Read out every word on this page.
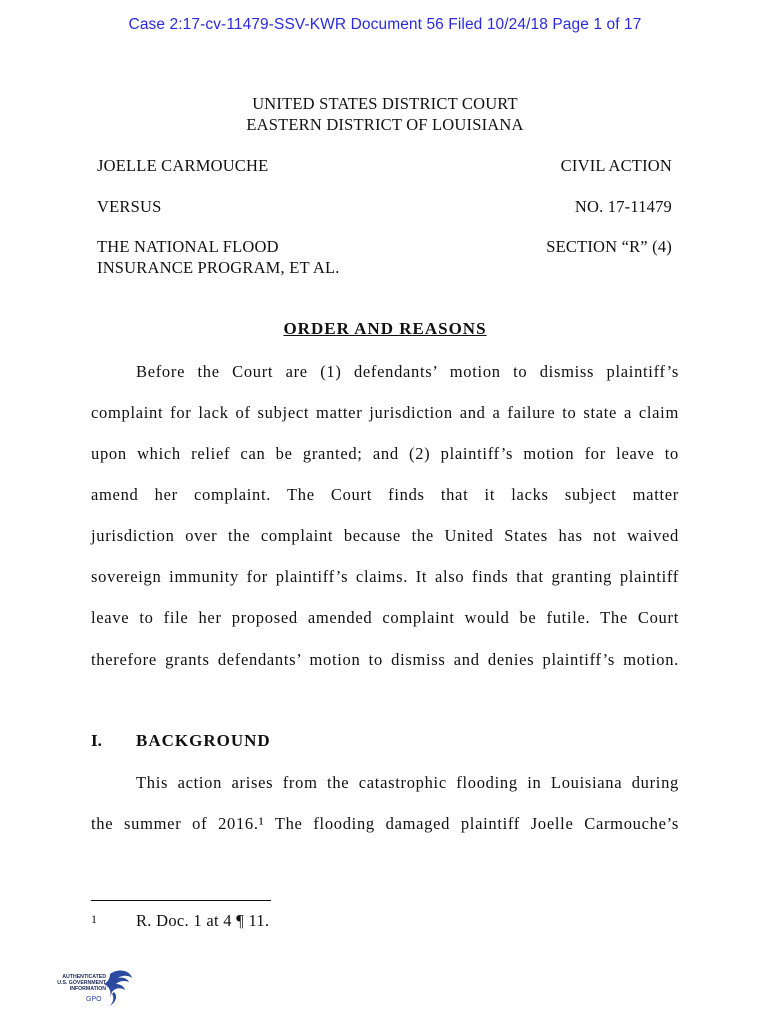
Case 2:17-cv-11479-SSV-KWR Document 56 Filed 10/24/18 Page 1 of 17
UNITED STATES DISTRICT COURT
EASTERN DISTRICT OF LOUISIANA
JOELLE CARMOUCHE	CIVIL ACTION
VERSUS	NO. 17-11479
THE NATIONAL FLOOD	SECTION “R” (4)
INSURANCE PROGRAM, ET AL.
ORDER AND REASONS
Before the Court are (1) defendants’ motion to dismiss plaintiff’s
complaint for lack of subject matter jurisdiction and a failure to state a claim
upon which relief can be granted; and (2) plaintiff’s motion for leave to
amend her complaint. The Court finds that it lacks subject matter
jurisdiction over the complaint because the United States has not waived
sovereign immunity for plaintiff’s claims. It also finds that granting plaintiff
leave to file her proposed amended complaint would be futile. The Court
therefore grants defendants’ motion to dismiss and denies plaintiff’s motion.
I. BACKGROUND
This action arises from the catastrophic flooding in Louisiana during
the summer of 2016.¹ The flooding damaged plaintiff Joelle Carmouche’s
1 R. Doc. 1 at 4 ¶ 11.
AUTHENTICATED
U.S. GOVERNMENT
INFORMATION
GPO
